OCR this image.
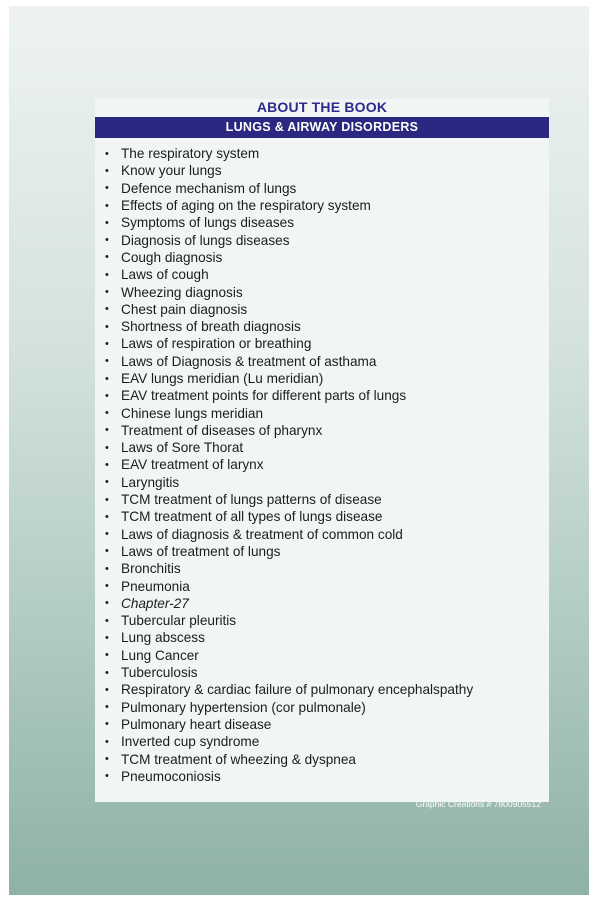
ABOUT THE BOOK
LUNGS & AIRWAY DISORDERS
• The respiratory system
• Know your lungs
• Defence mechanism of lungs
• Effects of aging on the respiratory system
• Symptoms of lungs diseases
• Diagnosis of lungs diseases
• Cough diagnosis
• Laws of cough
• Wheezing diagnosis
• Chest pain diagnosis
• Shortness of breath diagnosis
• Laws of respiration or breathing
• Laws of Diagnosis & treatment of asthama
• EAV lungs meridian (Lu meridian)
• EAV treatment points for different parts of lungs
• Chinese lungs meridian
• Treatment of diseases of pharynx
• Laws of Sore Thorat
• EAV treatment of larynx
• Laryngitis
• TCM treatment of lungs patterns of disease
• TCM treatment of all types of lungs disease
• Laws of diagnosis & treatment of common cold
• Laws of treatment of lungs
• Bronchitis
• Pneumonia
• Chapter-27
• Tubercular pleuritis
• Lung abscess
• Lung Cancer
• Tuberculosis
• Respiratory & cardiac failure of pulmonary encephalspathy
• Pulmonary hypertension (cor pulmonale)
• Pulmonary heart disease
• Inverted cup syndrome
• TCM treatment of wheezing & dyspnea
• Pneumoconiosis
Graphic Creations # 7800905512
